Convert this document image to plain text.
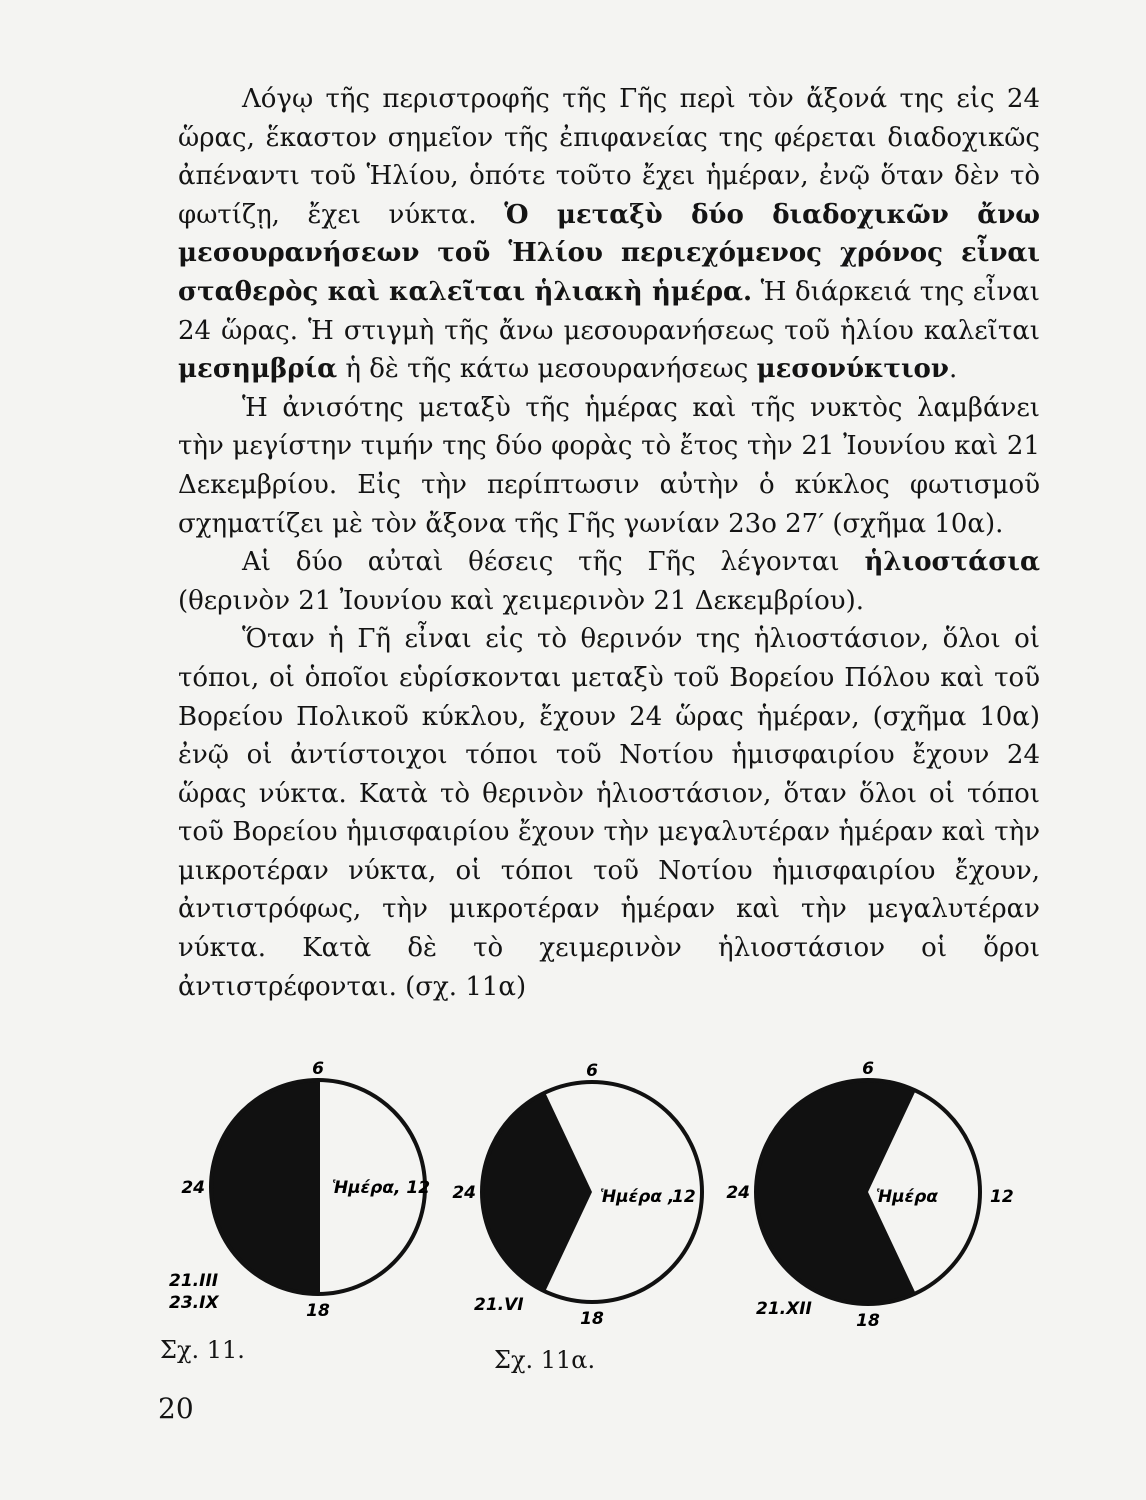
Λόγῳ τῆς περιστροφῆς τῆς Γῆς περὶ τὸν ἄξονά της εἰς 24 ὥρας, ἕκαστον σημεῖον τῆς ἐπιφανείας της φέρεται διαδοχικῶς ἀπέναντι τοῦ Ἡλίου, ὁπότε τοῦτο ἔχει ἡμέραν, ἐνῷ ὅταν δὲν τὸ φωτίζῃ, ἔχει νύκτα. Ὁ μεταξὺ δύο διαδοχικῶν ἄνω μεσουρανήσεων τοῦ Ἡλίου περιεχόμενος χρόνος εἶναι σταθερὸς καὶ καλεῖται ἡλιακὴ ἡμέρα. Ἡ διάρκειά της εἶναι 24 ὥρας. Ἡ στιγμὴ τῆς ἄνω μεσουρανήσεως τοῦ ἡλίου καλεῖται μεσημβρία ἡ δὲ τῆς κάτω μεσουρανήσεως μεσονύκτιον.

Ἡ ἀνισότης μεταξὺ τῆς ἡμέρας καὶ τῆς νυκτὸς λαμβάνει τὴν μεγίστην τιμήν της δύο φορὰς τὸ ἔτος τὴν 21 Ἰουνίου καὶ 21 Δεκεμβρίου. Εἰς τὴν περίπτωσιν αὐτὴν ὁ κύκλος φωτισμοῦ σχηματίζει μὲ τὸν ἄξονα τῆς Γῆς γωνίαν 23ο 27′ (σχῆμα 10α).

Αἱ δύο αὐταὶ θέσεις τῆς Γῆς λέγονται ἡλιοστάσια (θερινὸν 21 Ἰουνίου καὶ χειμερινὸν 21 Δεκεμβρίου).

Ὅταν ἡ Γῆ εἶναι εἰς τὸ θερινόν της ἡλιοστάσιον, ὅλοι οἱ τόποι, οἱ ὁποῖοι εὑρίσκονται μεταξὺ τοῦ Βορείου Πόλου καὶ τοῦ Βορείου Πολικοῦ κύκλου, ἔχουν 24 ὥρας ἡμέραν, (σχῆμα 10α) ἐνῷ οἱ ἀντίστοιχοι τόποι τοῦ Νοτίου ἡμισφαιρίου ἔχουν 24 ὥρας νύκτα. Κατὰ τὸ θερινὸν ἡλιοστάσιον, ὅταν ὅλοι οἱ τόποι τοῦ Βορείου ἡμισφαιρίου ἔχουν τὴν μεγαλυτέραν ἡμέραν καὶ τὴν μικροτέραν νύκτα, οἱ τόποι τοῦ Νοτίου ἡμισφαιρίου ἔχουν, ἀντιστρόφως, τὴν μικροτέραν ἡμέραν καὶ τὴν μεγαλυτέραν νύκτα. Κατὰ δὲ τὸ χειμερινὸν ἡλιοστάσιον οἱ ὅροι ἀντιστρέφονται. (σχ. 11α)

6
18
24	Ἡμέρα, 12
21.III
23.IX
6
18
24	Ἡμέρα ,
12
21.VI
6
18
24	Ἡμέρα	12
21.XII
Σχ. 11.	Σχ. 11α.
20
